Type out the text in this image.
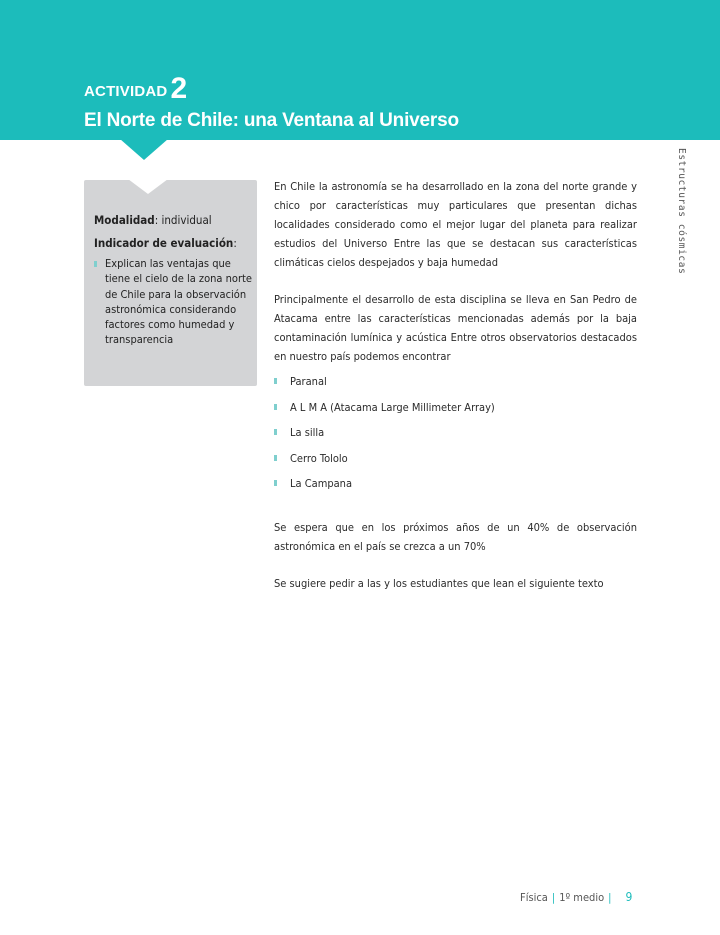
ACTIVIDAD 2
El Norte de Chile: una Ventana al Universo
Estructuras cósmicas
Modalidad: individual
Indicador de evaluación:
Explican las ventajas que tiene el cielo de la zona norte de Chile para la observación astronómica considerando factores como humedad y transparencia

En Chile la astronomía se ha desarrollado en la zona del norte grande y chico por características muy particulares que presentan dichas localidades considerado como el mejor lugar del planeta para realizar estudios del Universo Entre las que se destacan sus características climáticas cielos despejados y baja humedad

Principalmente el desarrollo de esta disciplina se lleva en San Pedro de Atacama entre las características mencionadas además por la baja contaminación lumínica y acústica Entre otros observatorios destacados en nuestro país podemos encontrar

Paranal
A L M A (Atacama Large Millimeter Array)
La silla
Cerro Tololo
La Campana

Se espera que en los próximos años de un 40% de observación astronómica en el país se crezca a un 70%

Se sugiere pedir a las y los estudiantes que lean el siguiente texto

Física | 1º medio | 9
